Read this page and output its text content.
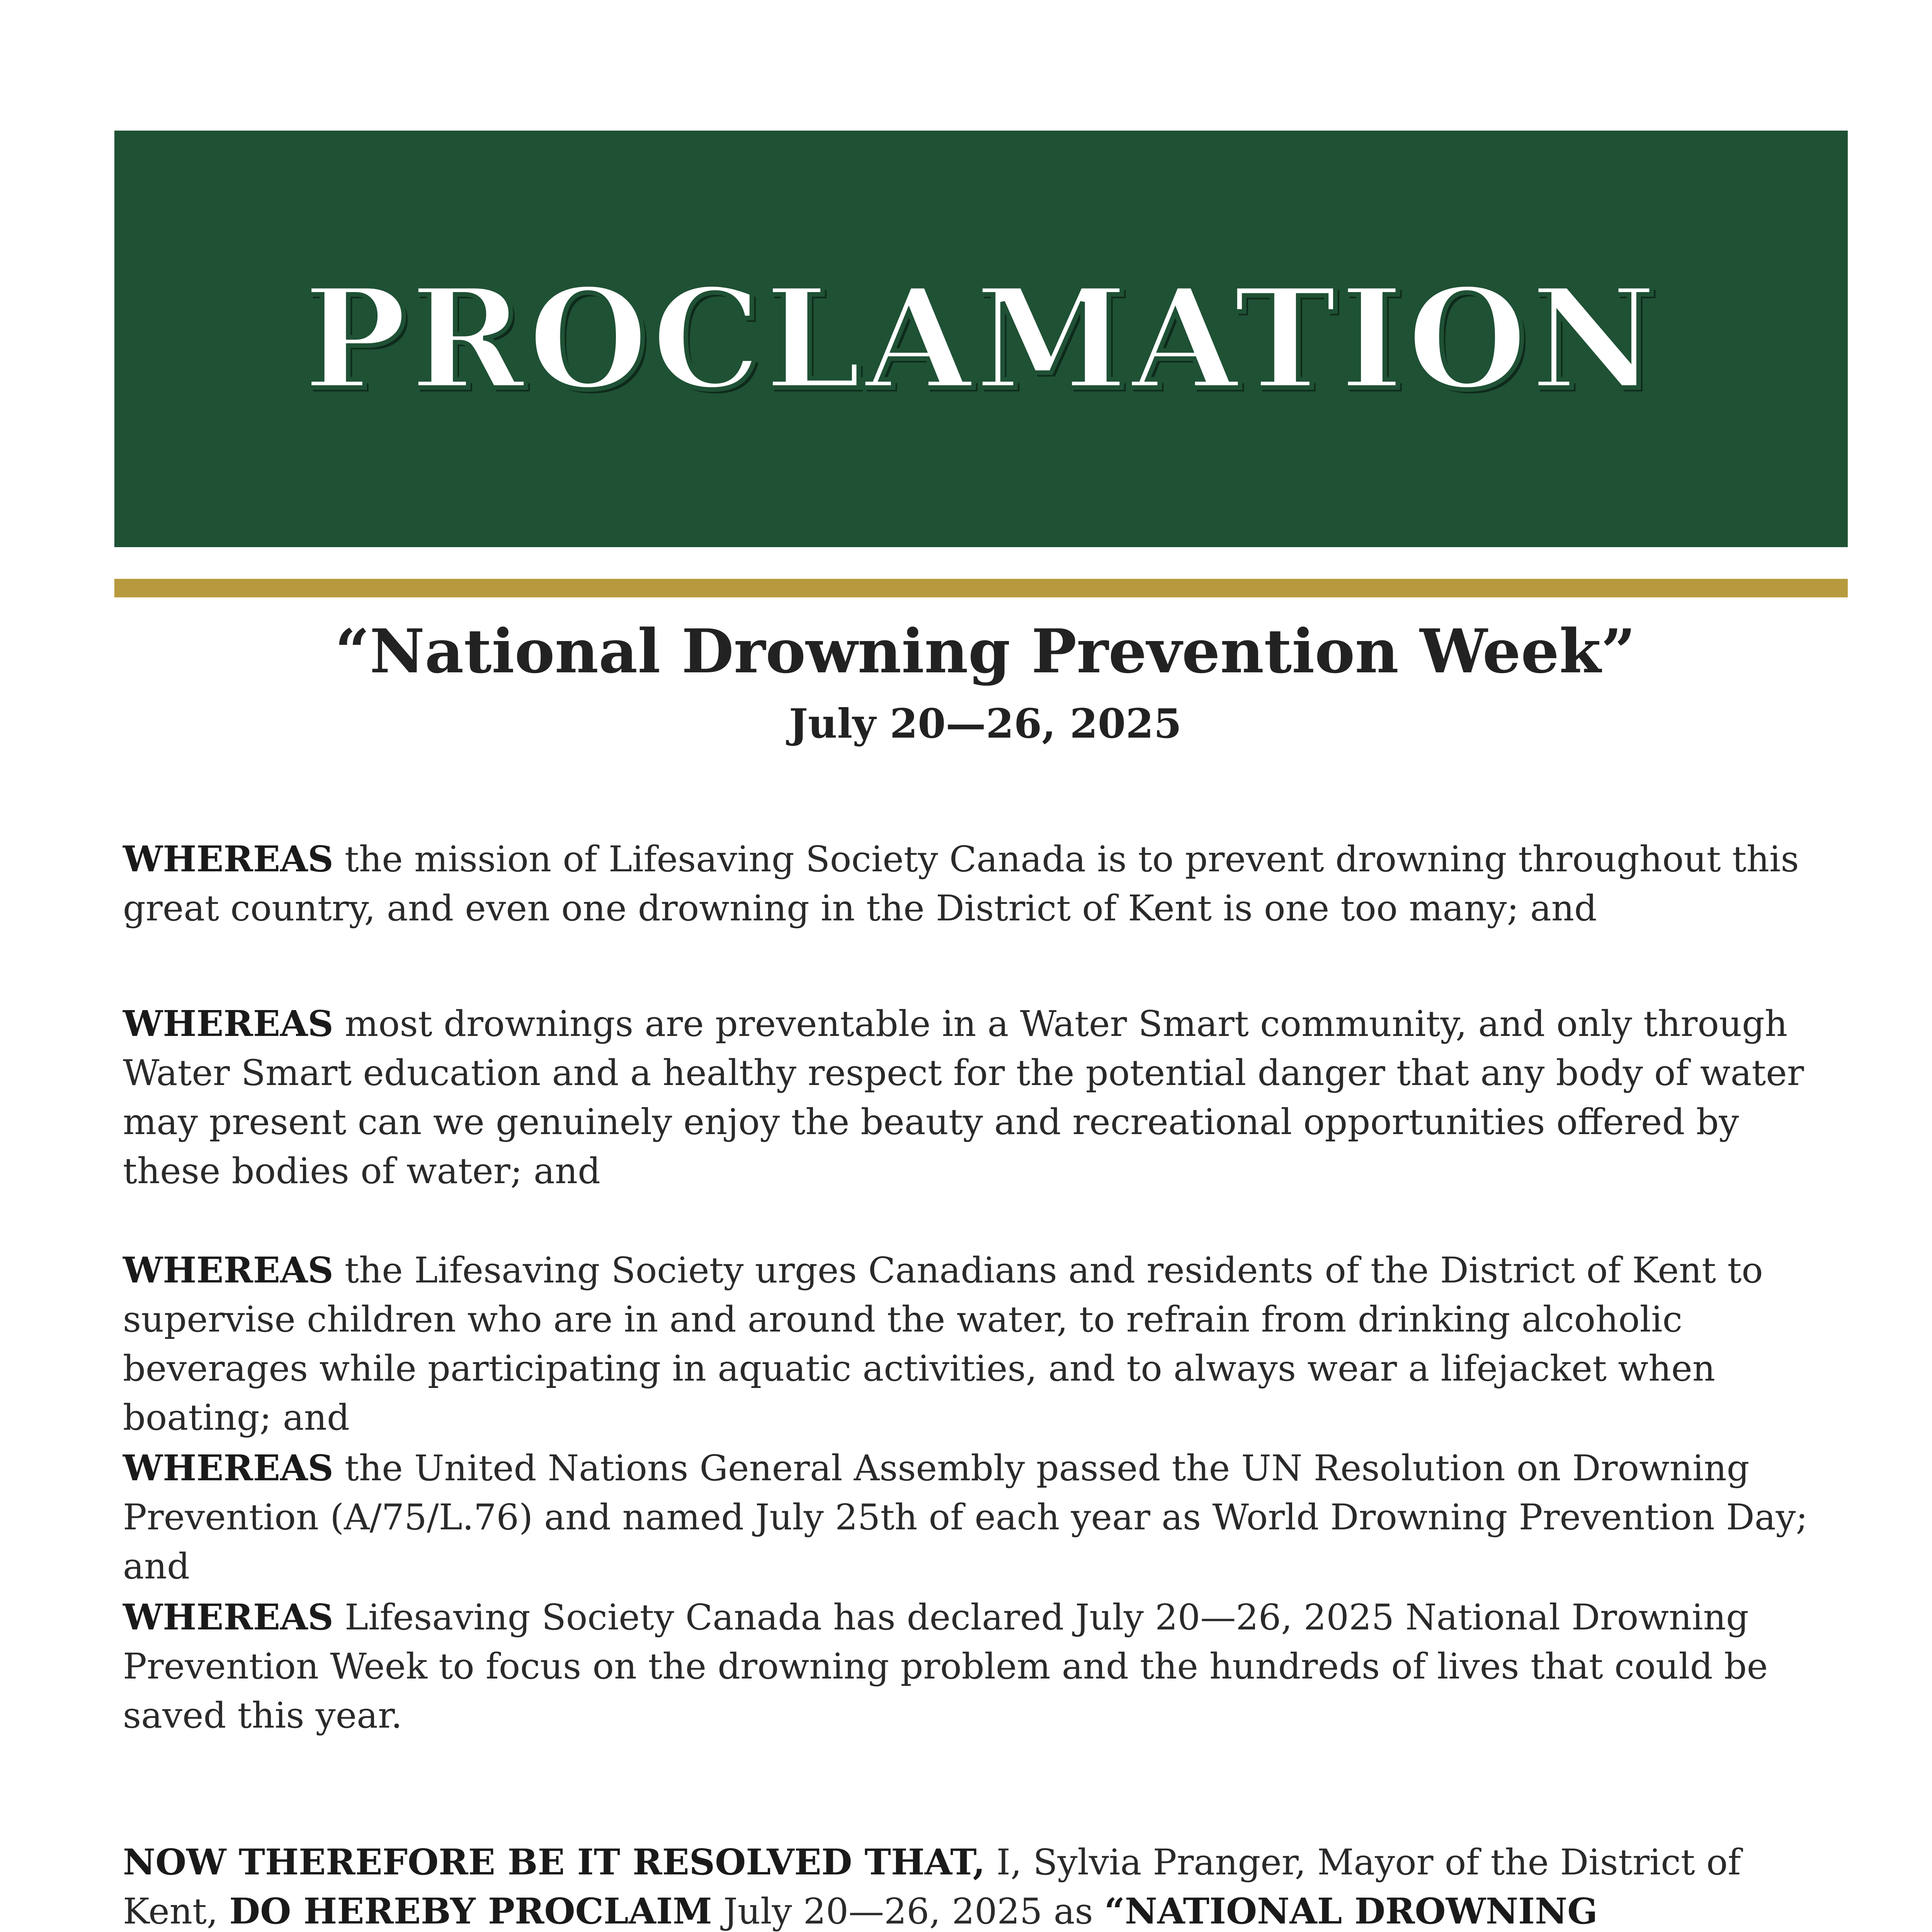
PROCLAMATION
“National Drowning Prevention Week”
July 20—26, 2025
WHEREAS the mission of Lifesaving Society Canada is to prevent drowning throughout this great country, and even one drowning in the District of Kent is one too many; and
WHEREAS most drownings are preventable in a Water Smart community, and only through Water Smart education and a healthy respect for the potential danger that any body of water may present can we genuinely enjoy the beauty and recreational opportunities offered by these bodies of water; and
WHEREAS the Lifesaving Society urges Canadians and residents of the District of Kent to supervise children who are in and around the water, to refrain from drinking alcoholic beverages while participating in aquatic activities, and to always wear a lifejacket when boating; and
WHEREAS the United Nations General Assembly passed the UN Resolution on Drowning Prevention (A/75/L.76) and named July 25th of each year as World Drowning Prevention Day; and
WHEREAS Lifesaving Society Canada has declared July 20—26, 2025 National Drowning Prevention Week to focus on the drowning problem and the hundreds of lives that could be saved this year.
NOW THEREFORE BE IT RESOLVED THAT, I, Sylvia Pranger, Mayor of the District of Kent, DO HEREBY PROCLAIM July 20—26, 2025 as “NATIONAL DROWNING
